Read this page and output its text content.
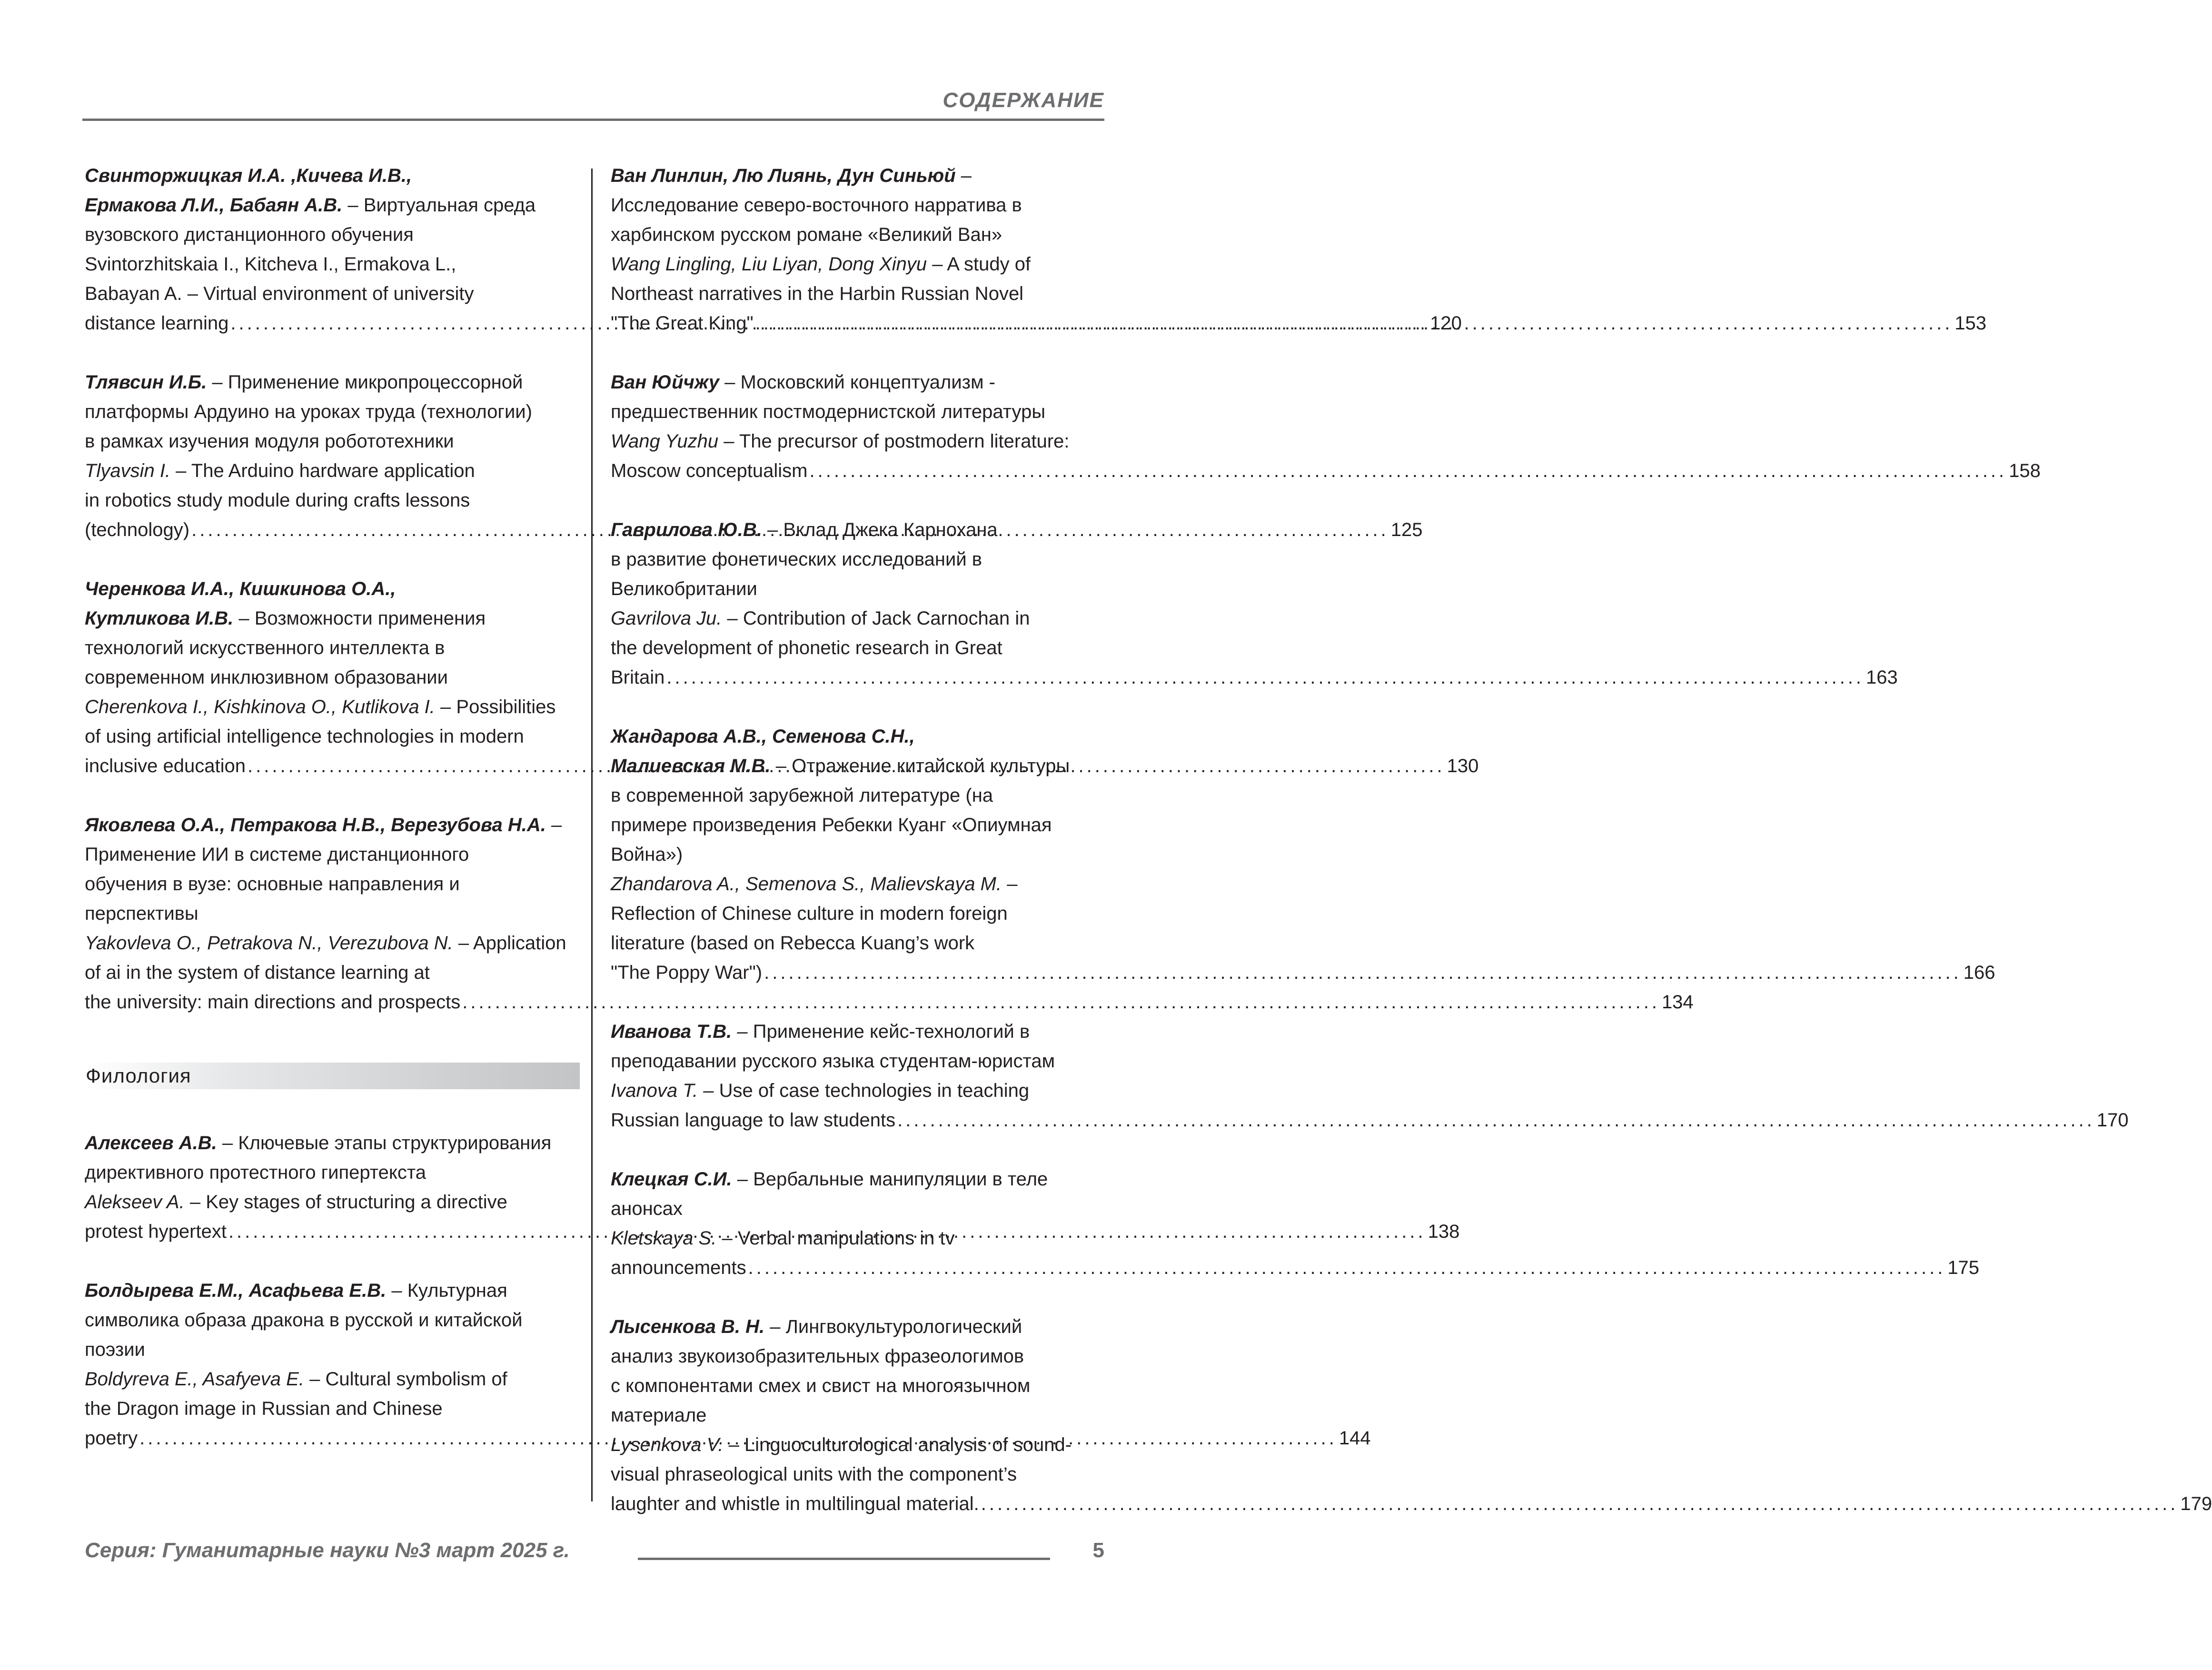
СОДЕРЖАНИЕ
Свинторжицкая И.А. ,Кичева И.В.,
Ермакова Л.И., Бабаян А.В. – Виртуальная среда
вузовского дистанционного обучения
Svintorzhitskaia I., Kitcheva I., Ermakova L.,
Babayan A. – Virtual environment of university
distance learning .....	120
Тлявсин И.Б. – Применение микропроцессорной
платформы Ардуино на уроках труда (технологии)
в рамках изучения модуля робототехники
Tlyavsin I. – The Arduino hardware application
in robotics study module during crafts lessons
(technology) .....	125
Черенкова И.А., Кишкинова О.А.,
Кутликова И.В. – Возможности применения
технологий искусственного интеллекта в
современном инклюзивном образовании
Cherenkova I., Kishkinova O., Kutlikova I. – Possibilities
of using artificial intelligence technologies in modern
inclusive education .....	130
Яковлева О.А., Петракова Н.В., Верезубова Н.А. –
Применение ИИ в системе дистанционного
обучения в вузе: основные направления и
перспективы
Yakovleva O., Petrakova N., Verezubova N. – Application
of ai in the system of distance learning at
the university: main directions and prospects .....	134
Филология
Алексеев А.В. – Ключевые этапы структурирования
директивного протестного гипертекста
Alekseev A. – Key stages of structuring a directive
protest hypertext .....	138
Болдырева Е.М., Асафьева Е.В. – Культурная
символика образа дракона в русской и китайской
поэзии
Boldyreva E., Asafyeva E. – Cultural symbolism of
the Dragon image in Russian and Chinese
poetry .....	144
Ван Линлин, Лю Лиянь, Дун Синьюй –
Исследование северо-восточного нарратива в
харбинском русском романе «Великий Ван»
Wang Lingling, Liu Liyan, Dong Xinyu – A study of
Northeast narratives in the Harbin Russian Novel
"The Great King" .....	153
Ван Юйчжу – Московский концептуализм -
предшественник постмодернистской литературы
Wang Yuzhu – The precursor of postmodern literature:
Moscow conceptualism .....	158
Гаврилова Ю.В. – Вклад Джека Карнохана
в развитие фонетических исследований в
Великобритании
Gavrilova Ju. – Contribution of Jack Carnochan in
the development of phonetic research in Great
Britain .....	163
Жандарова А.В., Семенова С.Н.,
Малиевская М.В. – Отражение китайской культуры
в современной зарубежной литературе (на
примере произведения Ребекки Куанг «Опиумная
Война»)
Zhandarova A., Semenova S., Malievskaya M. –
Reflection of Chinese culture in modern foreign
literature (based on Rebecca Kuang’s work
"The Poppy War") .....	166
Иванова Т.В. – Применение кейс-технологий в
преподавании русского языка студентам-юристам
Ivanova T. – Use of case technologies in teaching
Russian language to law students .....	170
Клецкая С.И. – Вербальные манипуляции в теле
анонсах
Kletskaya S. – Verbal manipulations in tv
announcements .....	175
Лысенкова В. Н. – Лингвокультурологический
анализ звукоизобразительных фразеологимов
с компонентами смех и свист на многоязычном
материале
Lysenkova V. – Linguoculturological analysis of sound-
visual phraseological units with the component’s
laughter and whistle in multilingual material. .....	179
Серия: Гуманитарные науки №3 март 2025 г.	5
